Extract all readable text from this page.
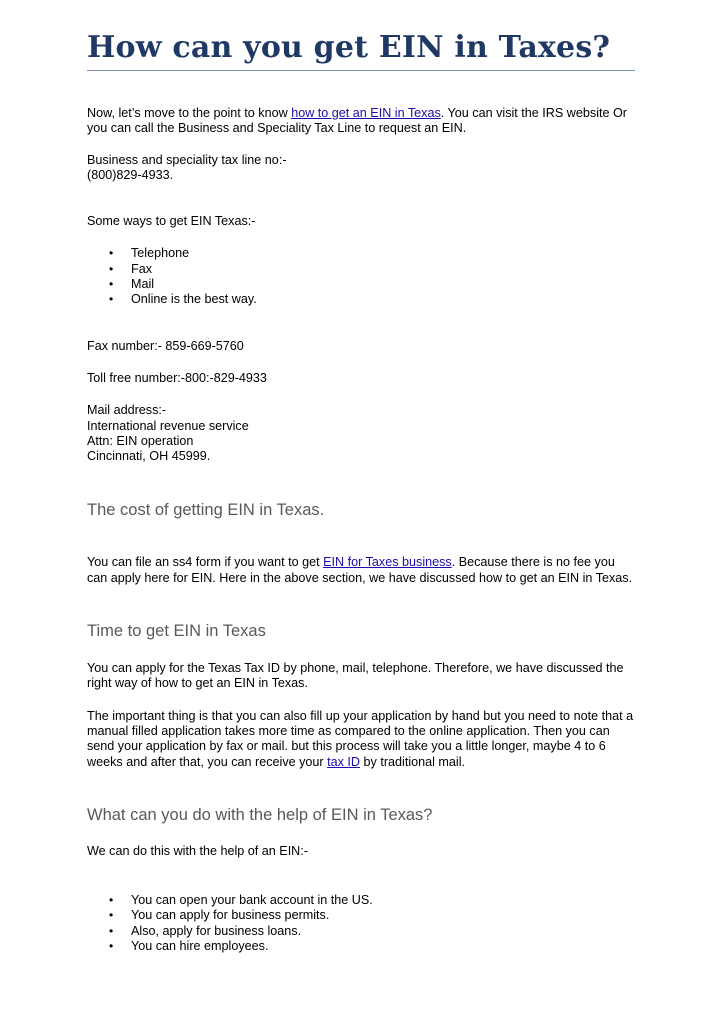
How can you get EIN in Taxes?

Now, let’s move to the point to know how to get an EIN in Texas. You can visit the IRS website Or you can call the Business and Speciality Tax Line to request an EIN.

Business and speciality tax line no:-

(800)829-4933.

Some ways to get EIN Texas:-

• Telephone
• Fax
• Mail
• Online is the best way.

Fax number:- 859-669-5760

Toll free number:-800:-829-4933

Mail address:-

International revenue service

Attn: EIN operation

Cincinnati, OH 45999.

The cost of getting EIN in Texas.

You can file an ss4 form if you want to get EIN for Taxes business. Because there is no fee you can apply here for EIN. Here in the above section, we have discussed how to get an EIN in Texas.

Time to get EIN in Texas

You can apply for the Texas Tax ID by phone, mail, telephone. Therefore, we have discussed the right way of how to get an EIN in Texas.

The important thing is that you can also fill up your application by hand but you need to note that a manual filled application takes more time as compared to the online application. Then you can send your application by fax or mail. but this process will take you a little longer, maybe 4 to 6 weeks and after that, you can receive your tax ID by traditional mail.

What can you do with the help of EIN in Texas?

We can do this with the help of an EIN:-

• You can open your bank account in the US.
• You can apply for business permits.
• Also, apply for business loans.
• You can hire employees.
